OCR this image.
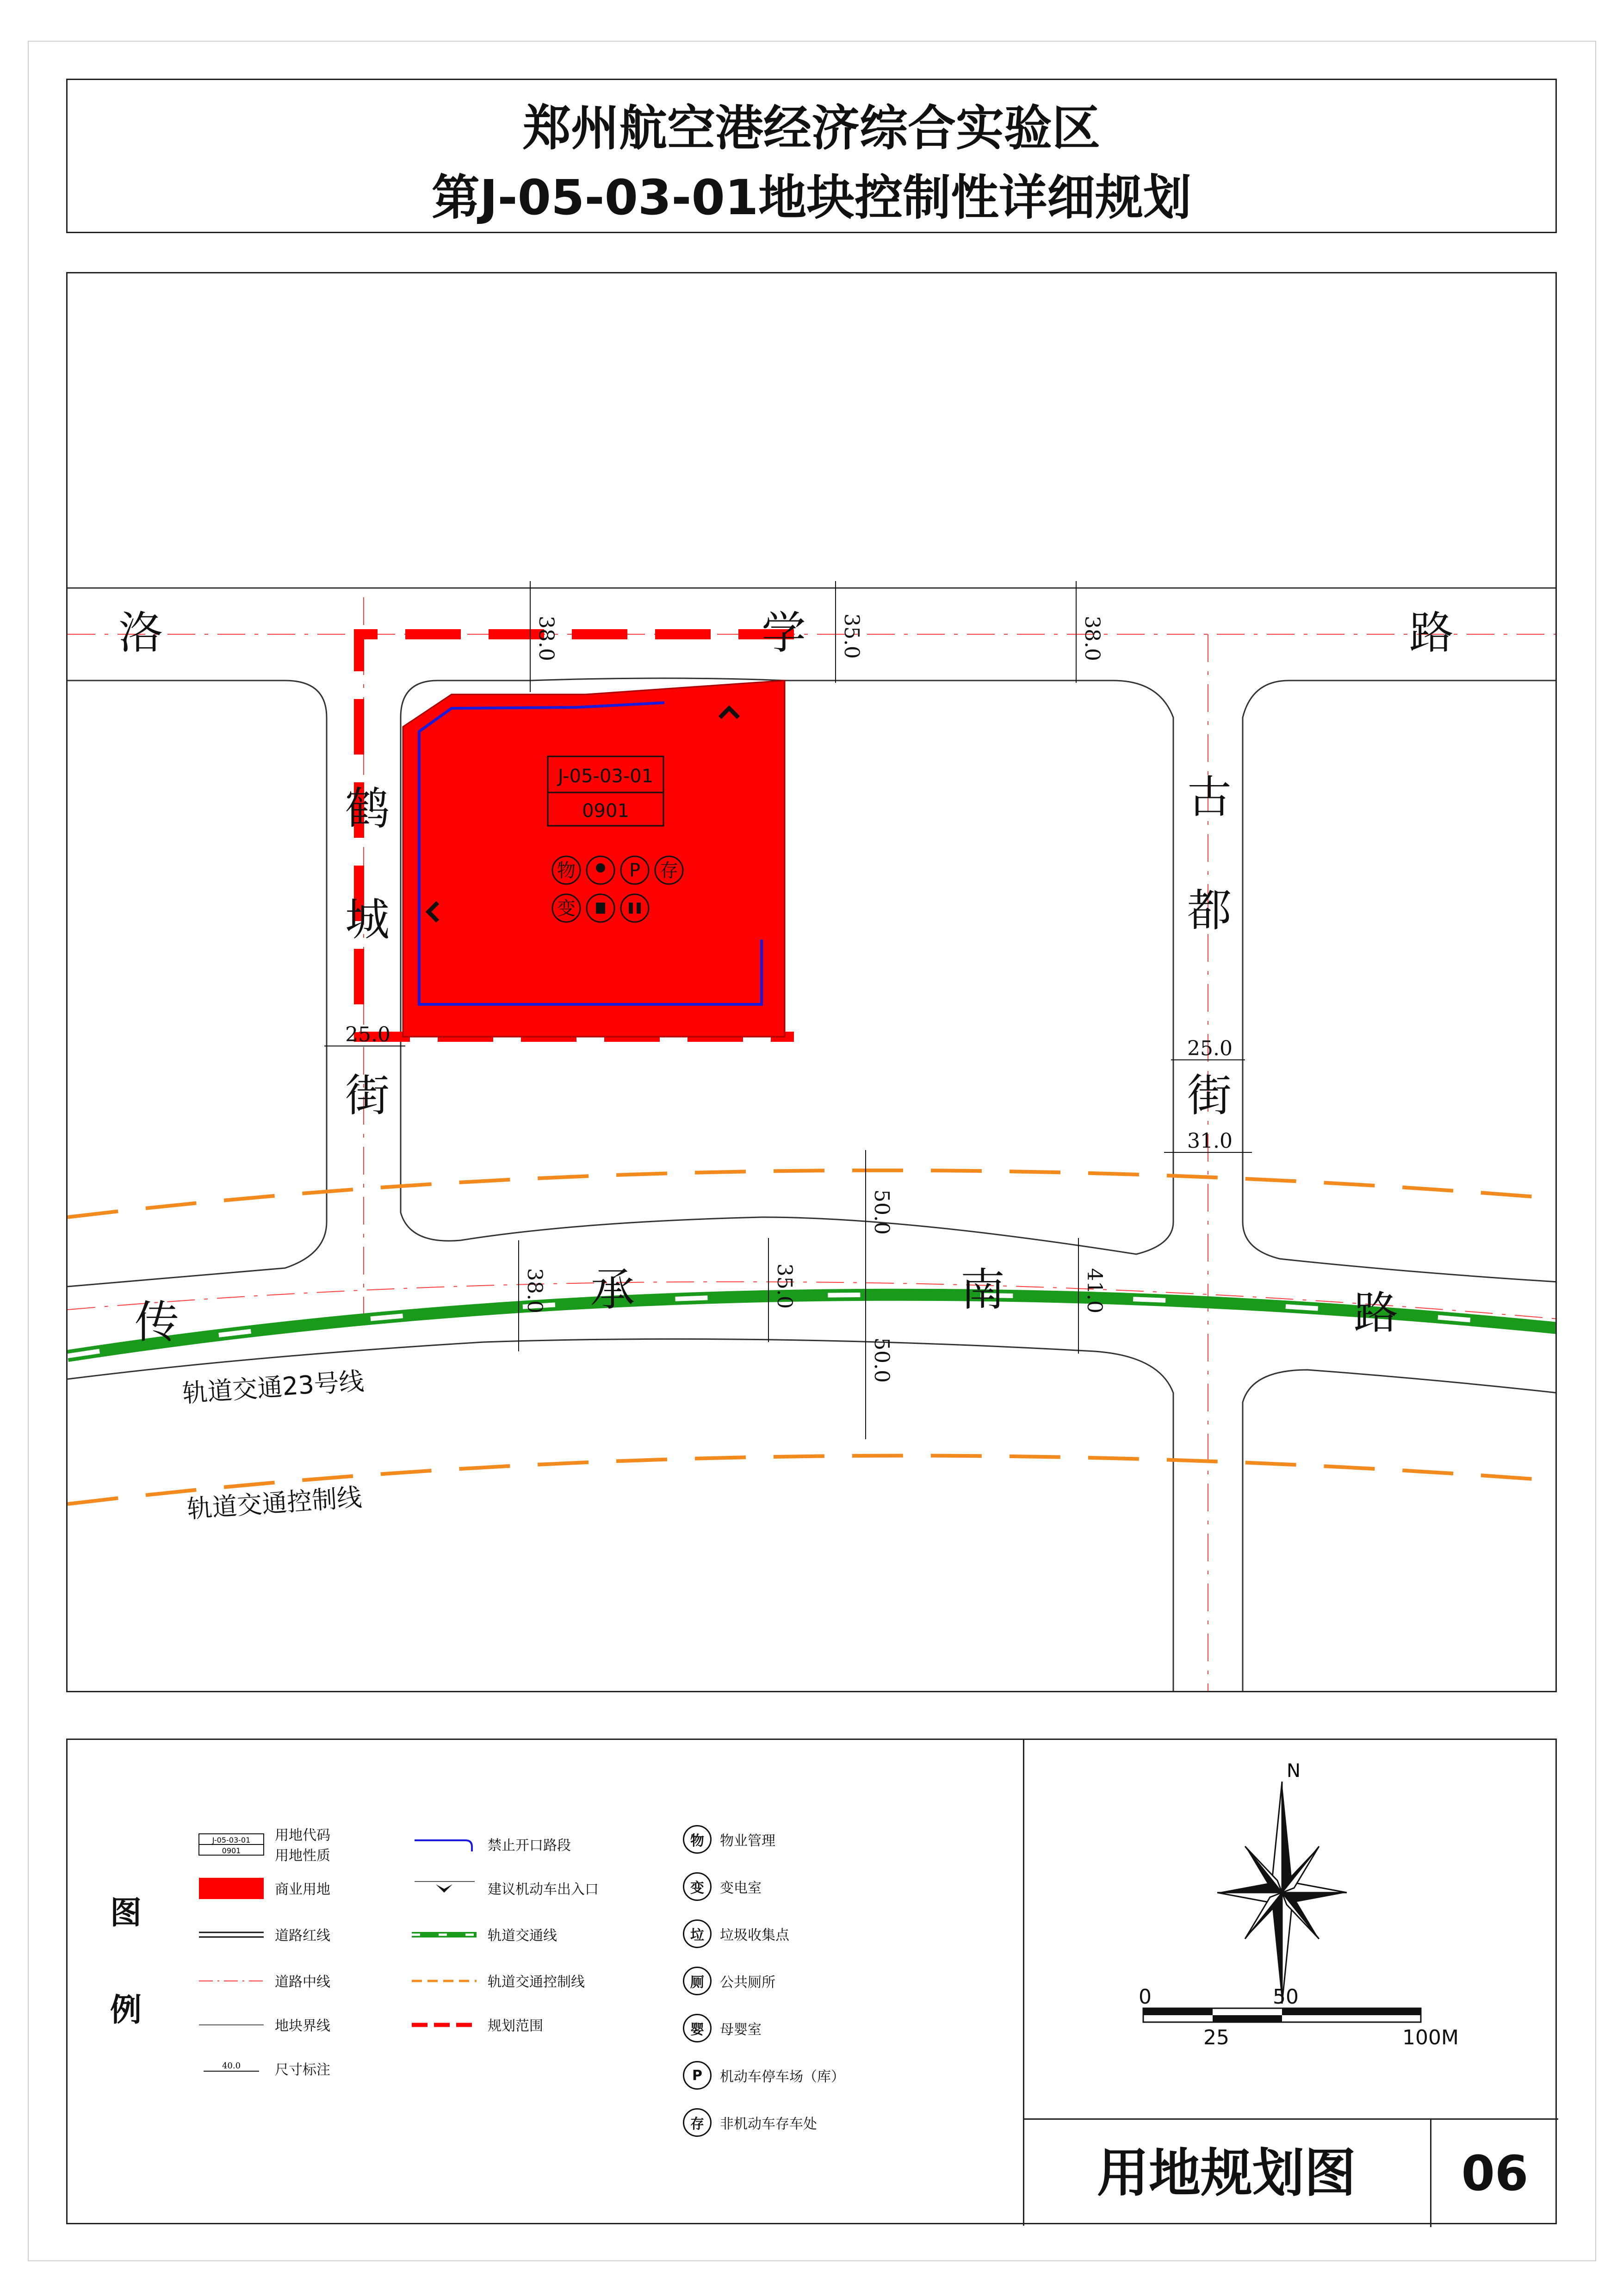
郑州航空港经济综合实验区
第J-05-03-01地块控制性详细规划
J-05-03-01
0901
物	P 存
变
38.0	35.0	38.0
25.0
25.0
31.0
38.0	35.0	41.0
50.0
50.0
洛	学	路
鹤
城
街
古
都
街
传
承	南	路
轨道交通23号线
轨道交通控制线
图
例
J-05-03-01
0901
用地代码
用地性质
商业用地
道路红线
道路中线
地块界线
40.0 尺寸标注
禁止开口路段
建议机动车出入口
轨道交通线
轨道交通控制线
规划范围
物	物业管理
变	变电室
垃	垃圾收集点
厕	公共厕所
婴	母婴室
P	机动车停车场（库）
存	非机动车存车处
N
0	50
25	100M
用地规划图	06
